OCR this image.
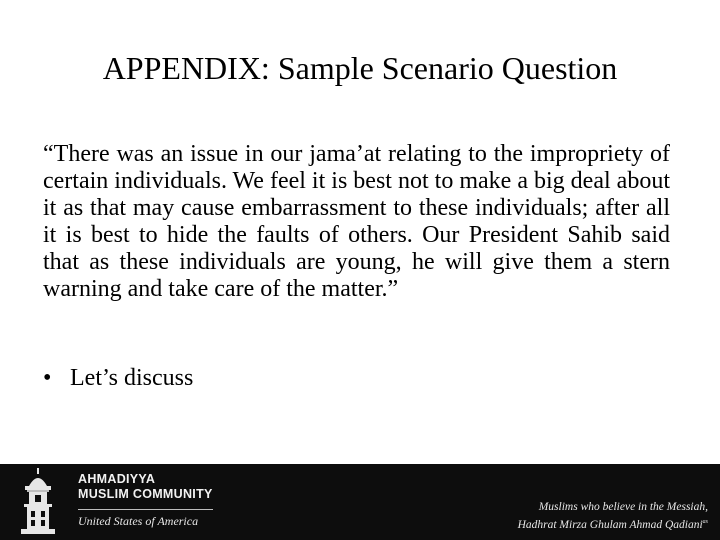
APPENDIX: Sample Scenario Question

“There was an issue in our jama’at relating to the impropriety of certain individuals. We feel it is best not to make a big deal about it as that may cause embarrassment to these individuals; after all it is best to hide the faults of others. Our President Sahib said that as these individuals are young, he will give them a stern warning and take care of the matter.”

• Let’s discuss
AHMADIYYA
MUSLIM COMMUNITY
United States of America
Muslims who believe in the Messiah,
Hadhrat Mirza Ghulam Ahmad Qadiani$^{as}$
